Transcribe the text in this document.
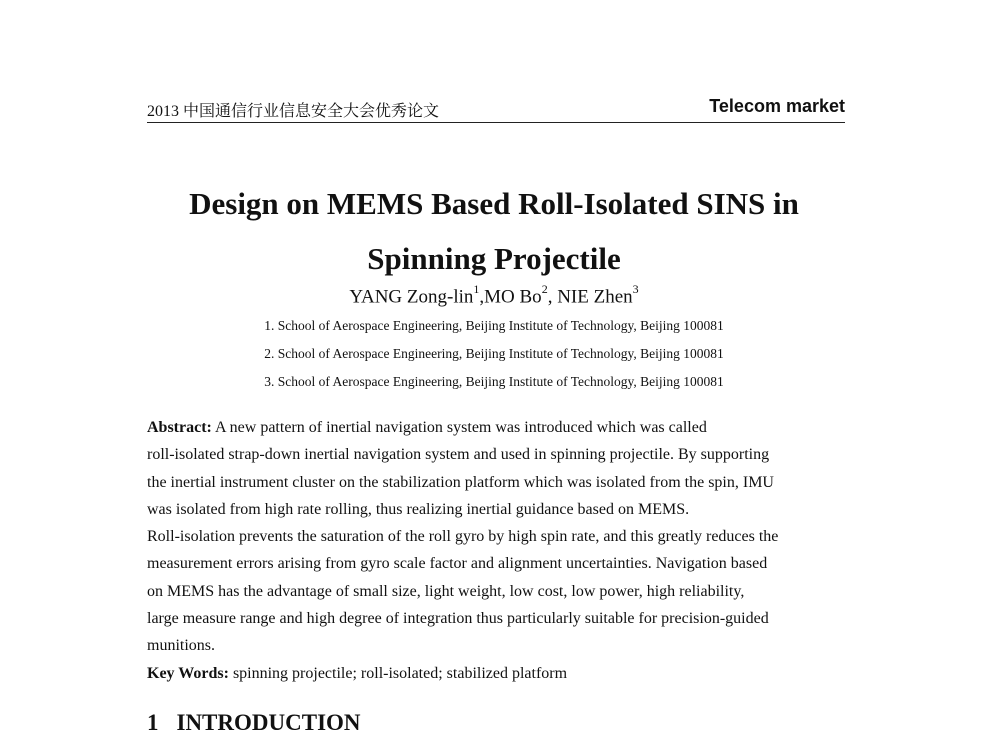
2013 中国通信行业信息安全大会优秀论文	Telecom market
Design on MEMS Based Roll-Isolated SINS in
Spinning Projectile
YANG Zong-lin$^1$,MO Bo$^2$, NIE Zhen$^3$
1. School of Aerospace Engineering, Beijing Institute of Technology, Beijing 100081
2. School of Aerospace Engineering, Beijing Institute of Technology, Beijing 100081
3. School of Aerospace Engineering, Beijing Institute of Technology, Beijing 100081
Abstract: A new pattern of inertial navigation system was introduced which was called
roll-isolated strap-down inertial navigation system and used in spinning projectile. By supporting
the inertial instrument cluster on the stabilization platform which was isolated from the spin, IMU
was isolated from high rate rolling, thus realizing inertial guidance based on MEMS.
Roll-isolation prevents the saturation of the roll gyro by high spin rate, and this greatly reduces the
measurement errors arising from gyro scale factor and alignment uncertainties. Navigation based
on MEMS has the advantage of small size, light weight, low cost, low power, high reliability,
large measure range and high degree of integration thus particularly suitable for precision-guided
munitions.
Key Words: spinning projectile; roll-isolated; stabilized platform
1 INTRODUCTION
